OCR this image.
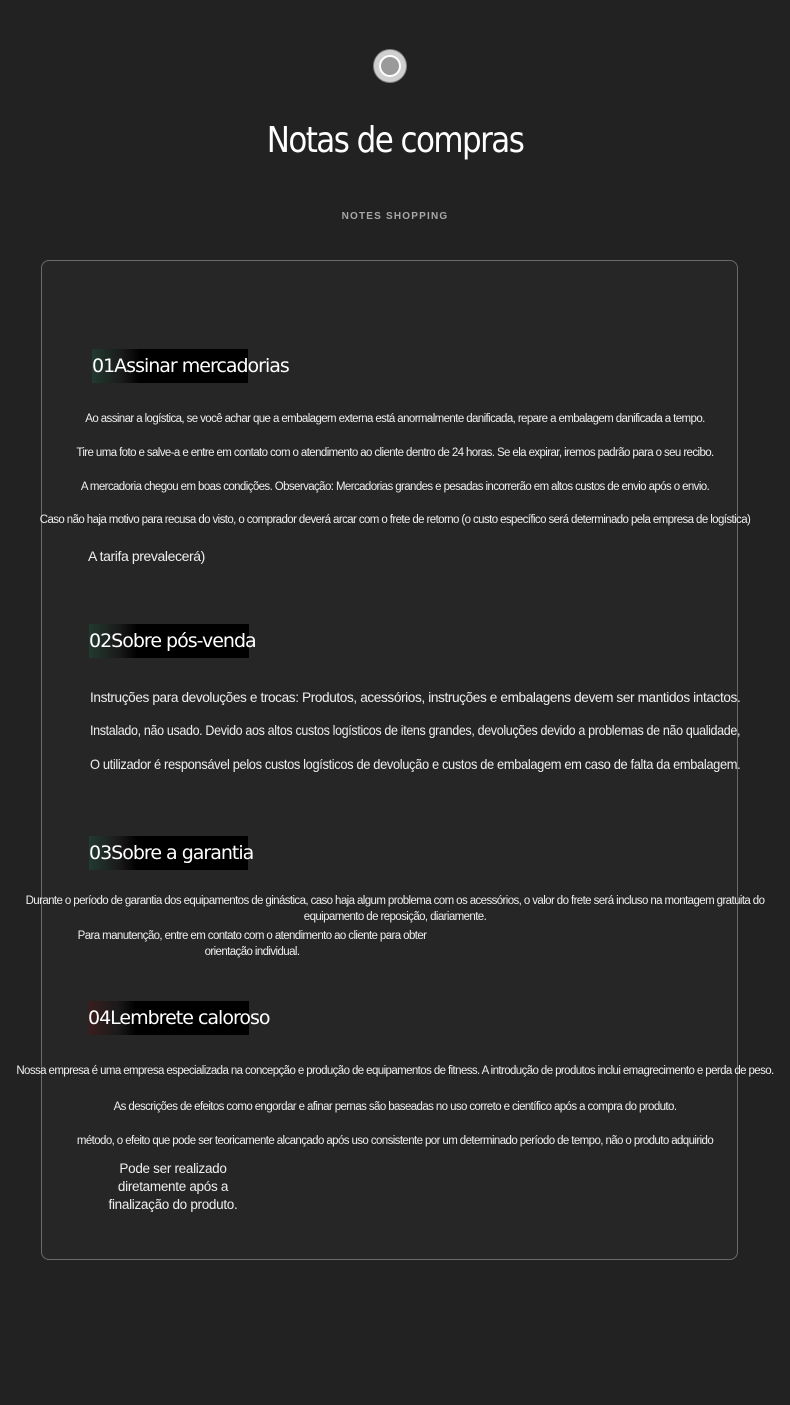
Notas de compras
NOTES SHOPPING
01Assinar mercadorias
Ao assinar a logística, se você achar que a embalagem externa está anormalmente danificada, repare a embalagem danificada a tempo.
Tire uma foto e salve-a e entre em contato com o atendimento ao cliente dentro de 24 horas. Se ela expirar, iremos padrão para o seu recibo.
A mercadoria chegou em boas condições. Observação: Mercadorias grandes e pesadas incorrerão em altos custos de envio após o envio.
Caso não haja motivo para recusa do visto, o comprador deverá arcar com o frete de retorno (o custo específico será determinado pela empresa de logística)
A tarifa prevalecerá)
02Sobre pós-venda
Instruções para devoluções e trocas: Produtos, acessórios, instruções e embalagens devem ser mantidos intactos.
Instalado, não usado. Devido aos altos custos logísticos de itens grandes, devoluções devido a problemas de não qualidade,
O utilizador é responsável pelos custos logísticos de devolução e custos de embalagem em caso de falta da embalagem.
03Sobre a garantia
Durante o período de garantia dos equipamentos de ginástica, caso haja algum problema com os acessórios, o valor do frete será incluso na montagem gratuita do equipamento de reposição, diariamente.
Para manutenção, entre em contato com o atendimento ao cliente para obter orientação individual.
04Lembrete caloroso
Nossa empresa é uma empresa especializada na concepção e produção de equipamentos de fitness. A introdução de produtos inclui emagrecimento e perda de peso.
As descrições de efeitos como engordar e afinar pernas são baseadas no uso correto e científico após a compra do produto.
método, o efeito que pode ser teoricamente alcançado após uso consistente por um determinado período de tempo, não o produto adquirido
Pode ser realizado diretamente após a finalização do produto.
